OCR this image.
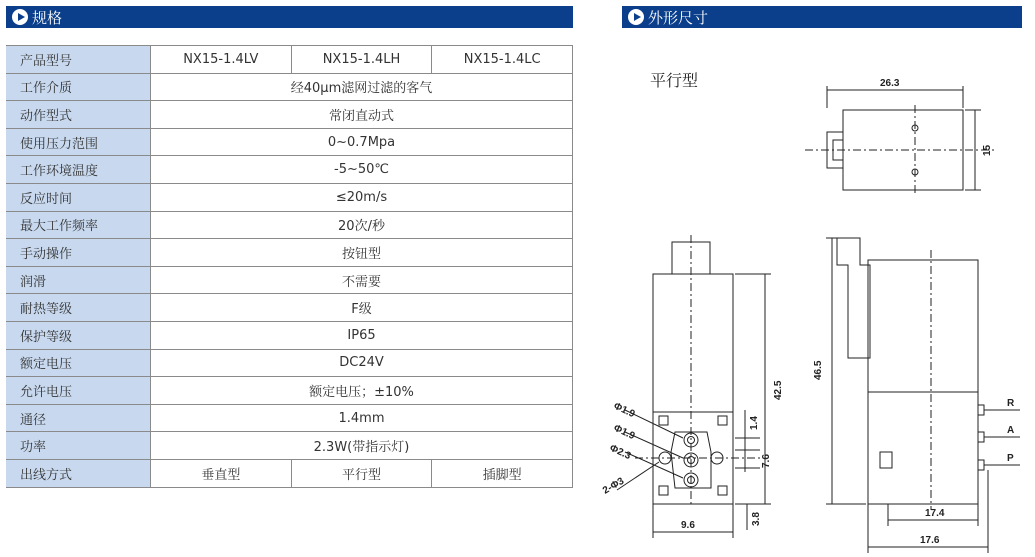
规格	外形尺寸
产品型号	NX15-1.4LV	NX15-1.4LH	NX15-1.4LC
工作介质	经40μm滤网过滤的客气		
动作型式	常闭直动式		
使用压力范围	0~0.7Mpa		
工作环境温度	-5~50℃		
反应时间	≤20m/s		
最大工作频率	20次/秒		
手动操作	按钮型		
润滑	不需要		
耐热等级	F级		
保护等级	IP65		
额定电压	DC24V		
允许电压	额定电压；±10%		
通径	1.4mm		
功率	2.3W(带指示灯)		
出线方式	垂直型	平行型	插脚型
平行型	26.3
15
42.5
46.5
9.6	3.8
1.4
7.6
17.4
17.6
Φ1.9
Φ1.9
Φ2.3
2-Φ3
R
A
P
